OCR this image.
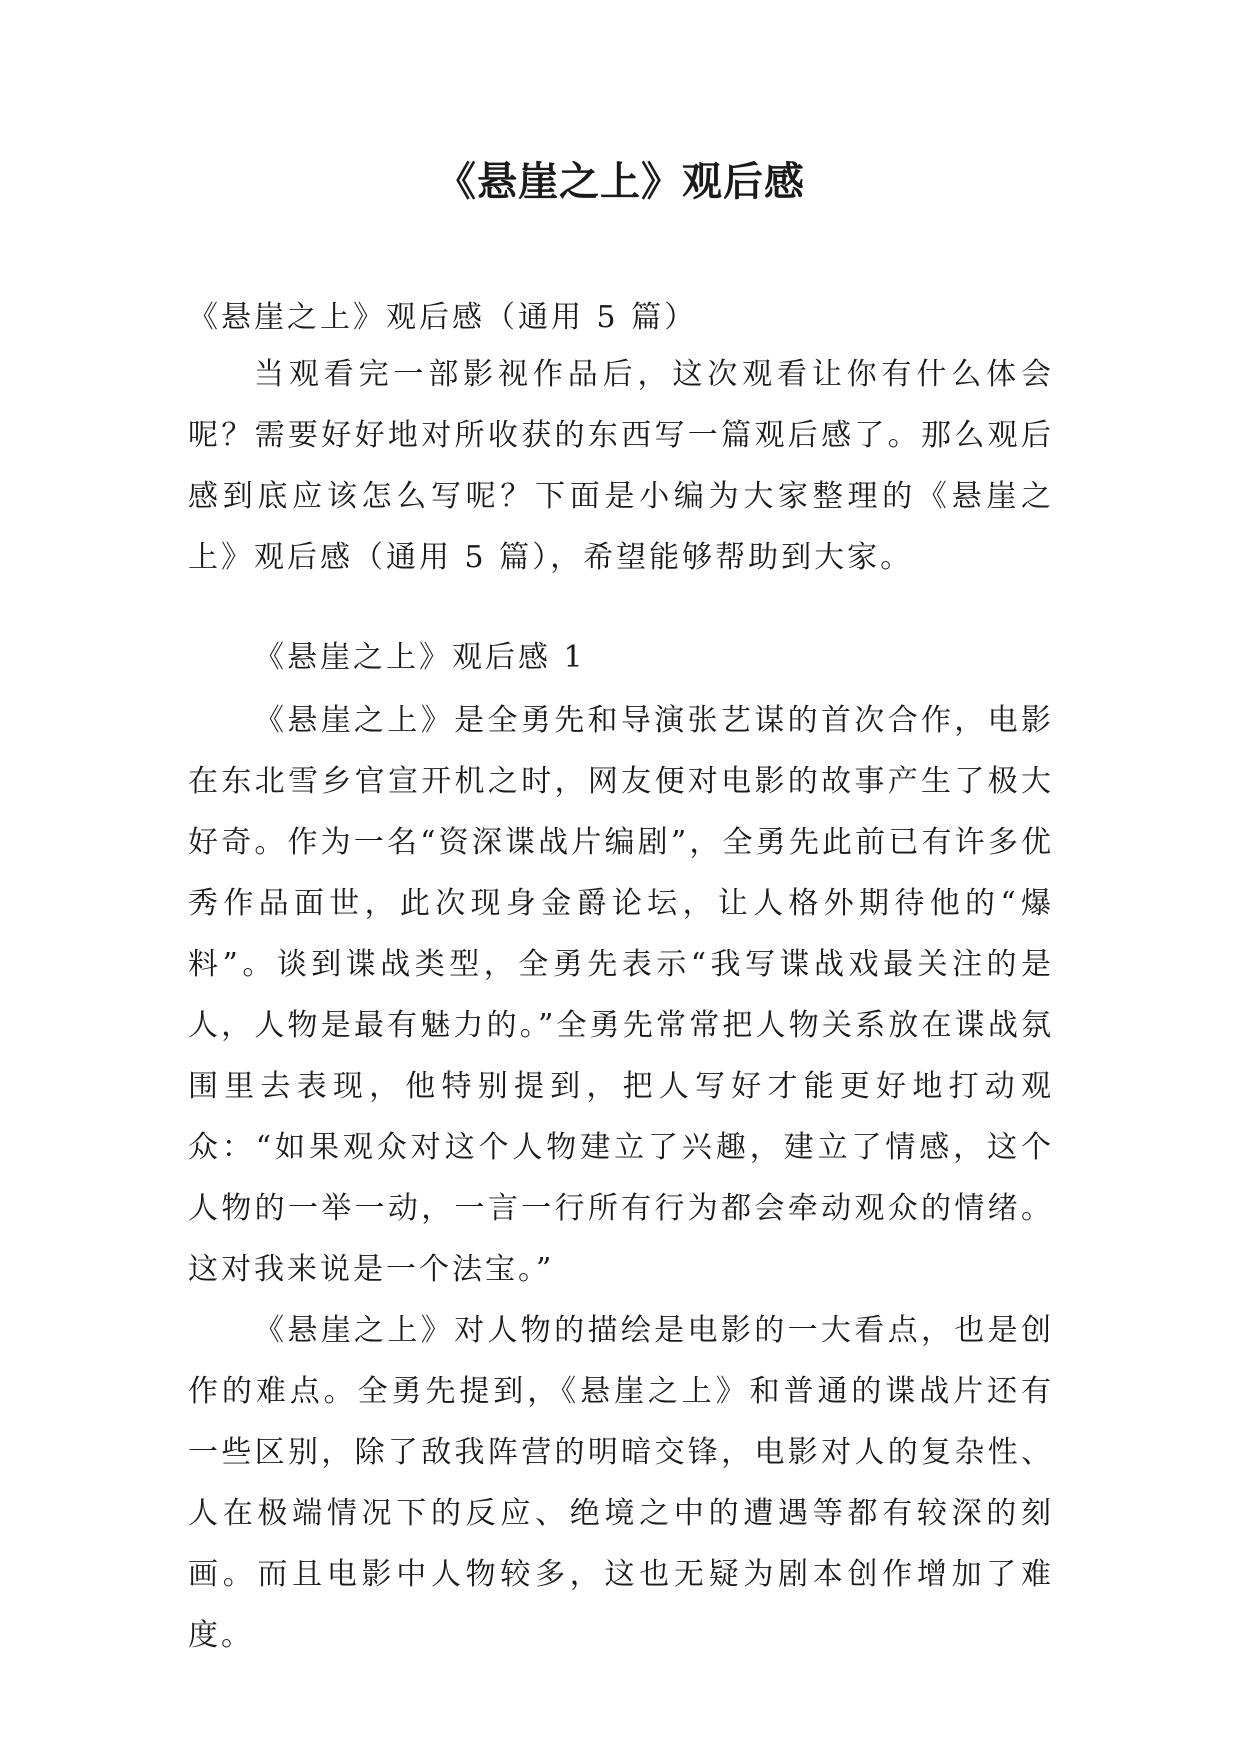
《悬崖之上》观后感

《悬崖之上》观后感（通用 5 篇）

当观看完一部影视作品后，这次观看让你有什么体会呢？需要好好地对所收获的东西写一篇观后感了。那么观后感到底应该怎么写呢？下面是小编为大家整理的《悬崖之上》观后感（通用 5 篇），希望能够帮助到大家。

《悬崖之上》观后感 1

《悬崖之上》是全勇先和导演张艺谋的首次合作，电影在东北雪乡官宣开机之时，网友便对电影的故事产生了极大好奇。作为一名“资深谍战片编剧”，全勇先此前已有许多优秀作品面世，此次现身金爵论坛，让人格外期待他的“爆料”。谈到谍战类型，全勇先表示“我写谍战戏最关注的是人，人物是最有魅力的。”全勇先常常把人物关系放在谍战氛围里去表现，他特别提到，把人写好才能更好地打动观众：“如果观众对这个人物建立了兴趣，建立了情感，这个人物的一举一动，一言一行所有行为都会牵动观众的情绪。这对我来说是一个法宝。”

《悬崖之上》对人物的描绘是电影的一大看点，也是创作的难点。全勇先提到，《悬崖之上》和普通的谍战片还有一些区别，除了敌我阵营的明暗交锋，电影对人的复杂性、人在极端情况下的反应、绝境之中的遭遇等都有较深的刻画。而且电影中人物较多，这也无疑为剧本创作增加了难度。
